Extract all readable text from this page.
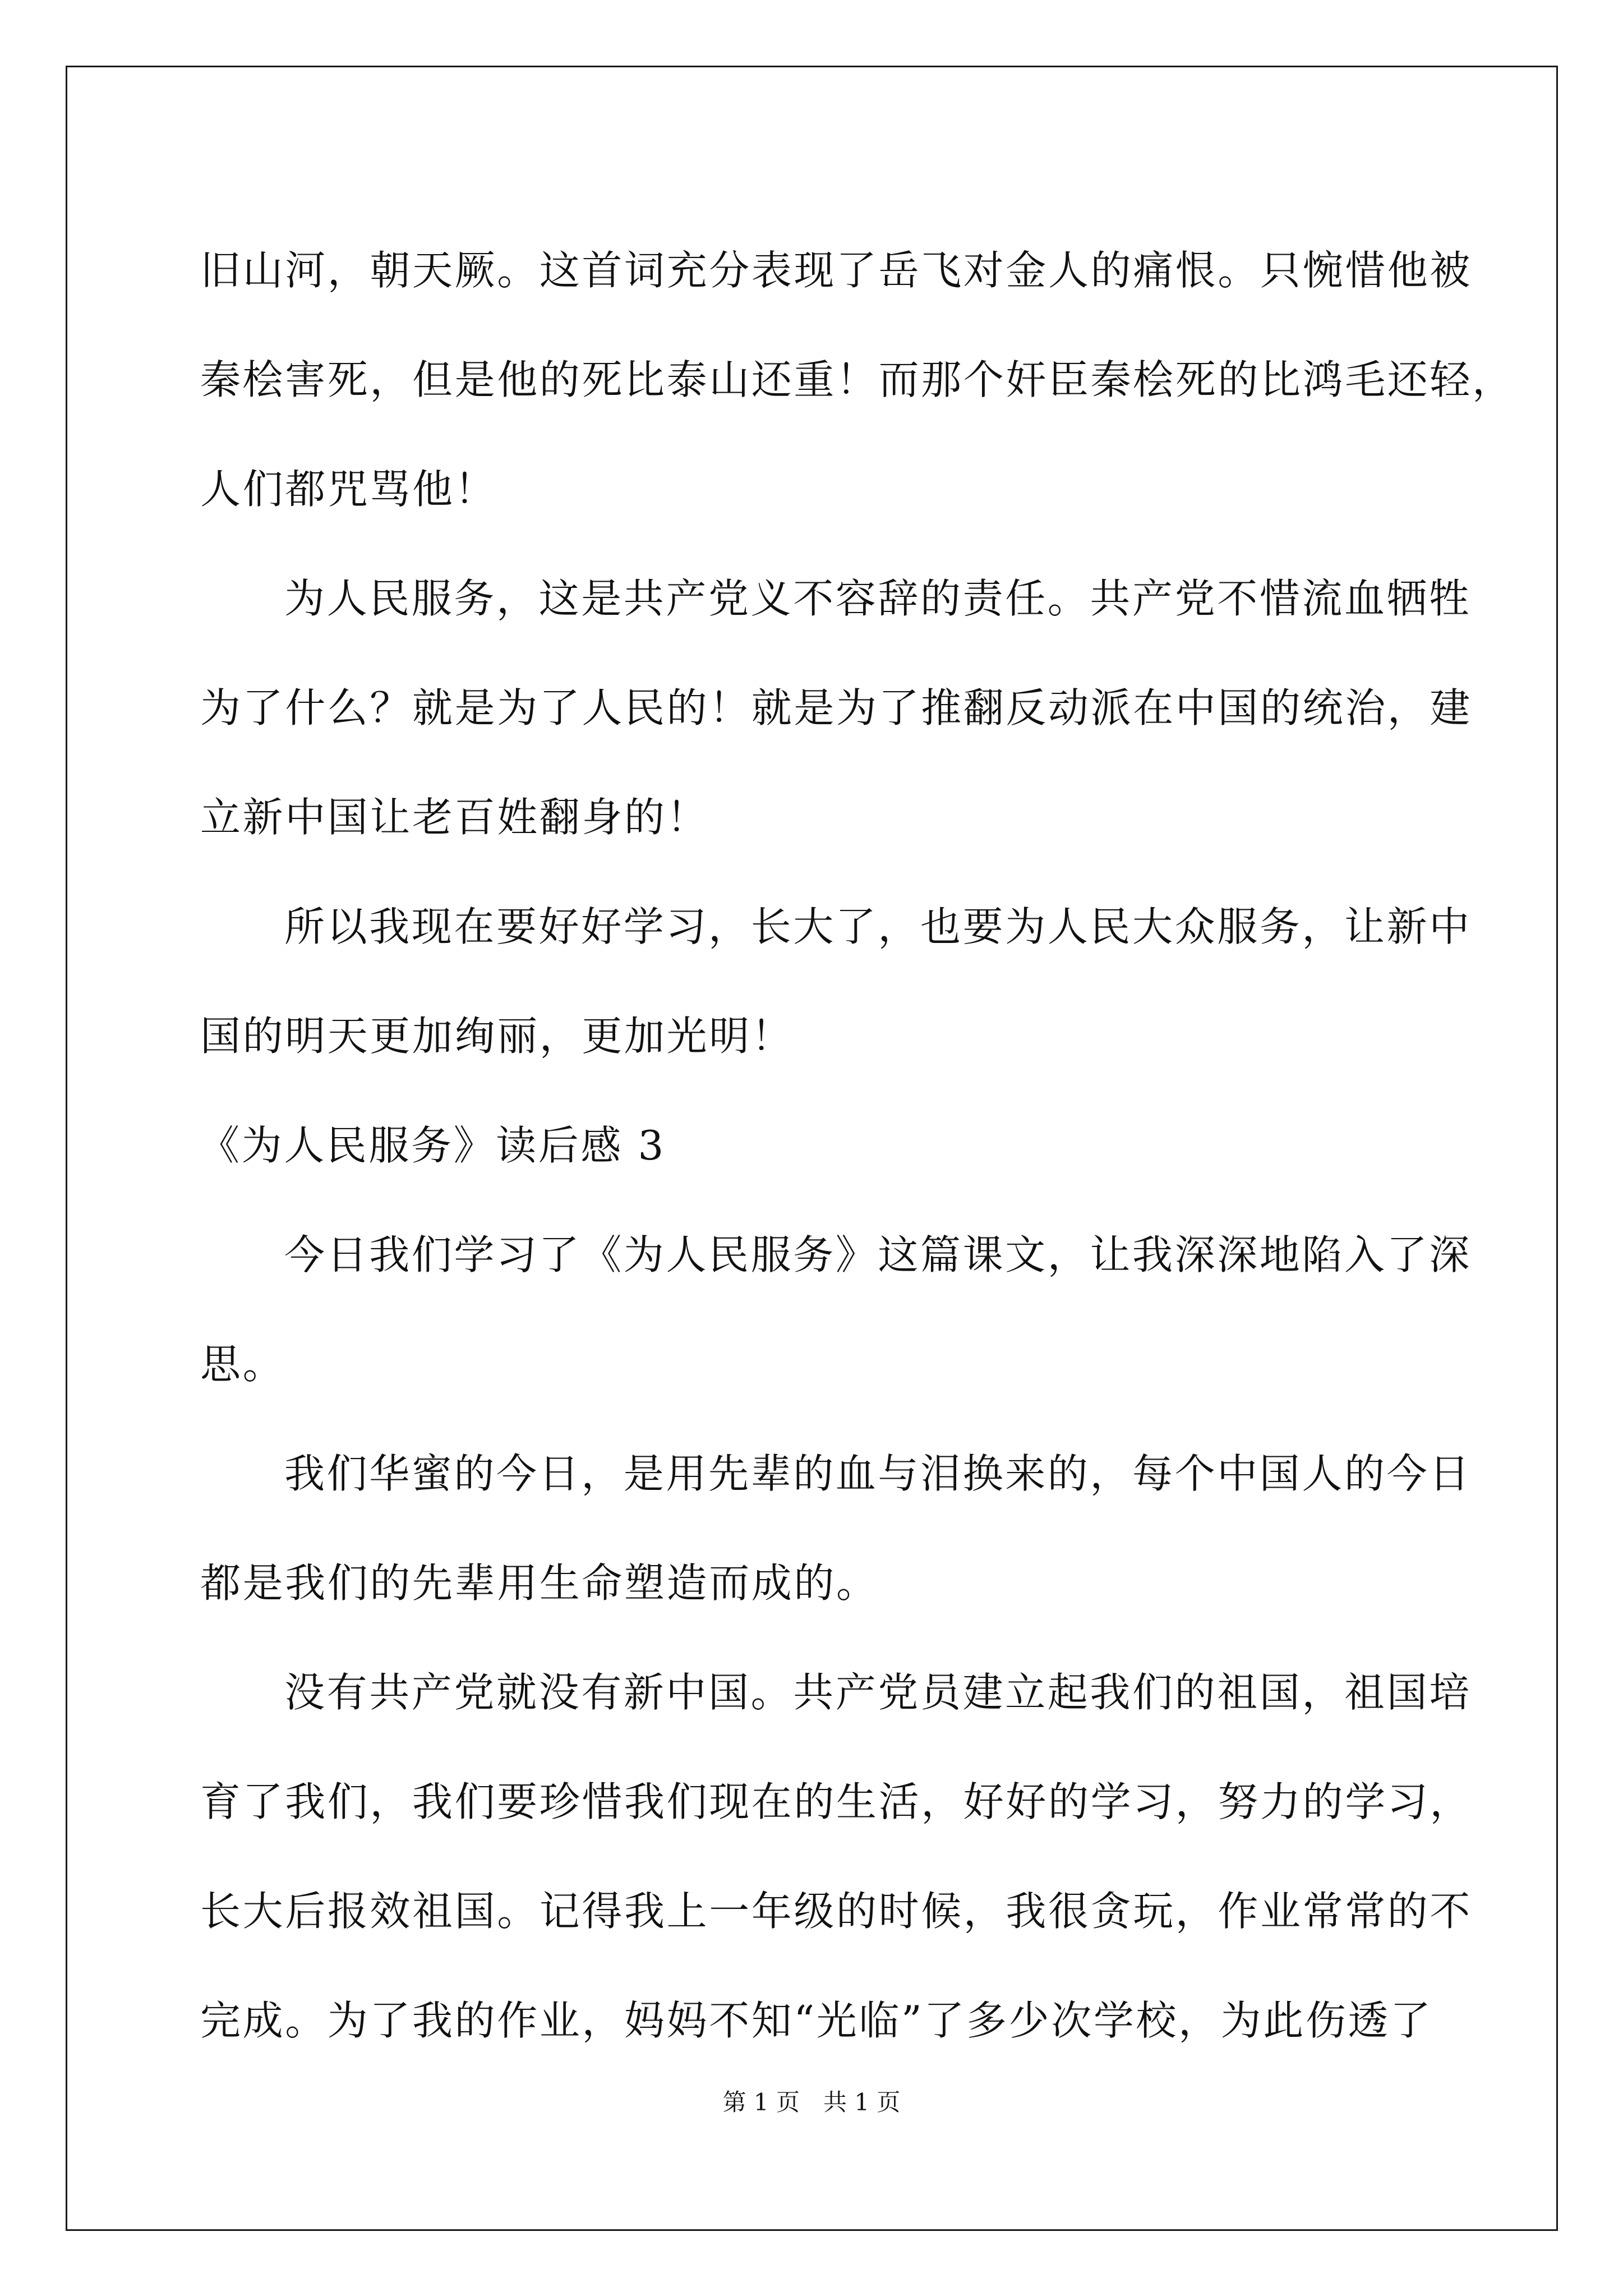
旧山河，朝天厥。这首词充分表现了岳飞对金人的痛恨。只惋惜他被
秦桧害死，但是他的死比泰山还重！而那个奸臣秦桧死的比鸿毛还轻，
人们都咒骂他！
为人民服务，这是共产党义不容辞的责任。共产党不惜流血牺牲
为了什么？就是为了人民的！就是为了推翻反动派在中国的统治，建
立新中国让老百姓翻身的！
所以我现在要好好学习，长大了，也要为人民大众服务，让新中
国的明天更加绚丽，更加光明！
《为人民服务》读后感 3
今日我们学习了《为人民服务》这篇课文，让我深深地陷入了深
思。
我们华蜜的今日，是用先辈的血与泪换来的，每个中国人的今日
都是我们的先辈用生命塑造而成的。
没有共产党就没有新中国。共产党员建立起我们的祖国，祖国培
育了我们，我们要珍惜我们现在的生活，好好的学习，努力的学习，
长大后报效祖国。记得我上一年级的时候，我很贪玩，作业常常的不
完成。为了我的作业，妈妈不知“光临”了多少次学校，为此伤透了
第 1 页　共 1 页
